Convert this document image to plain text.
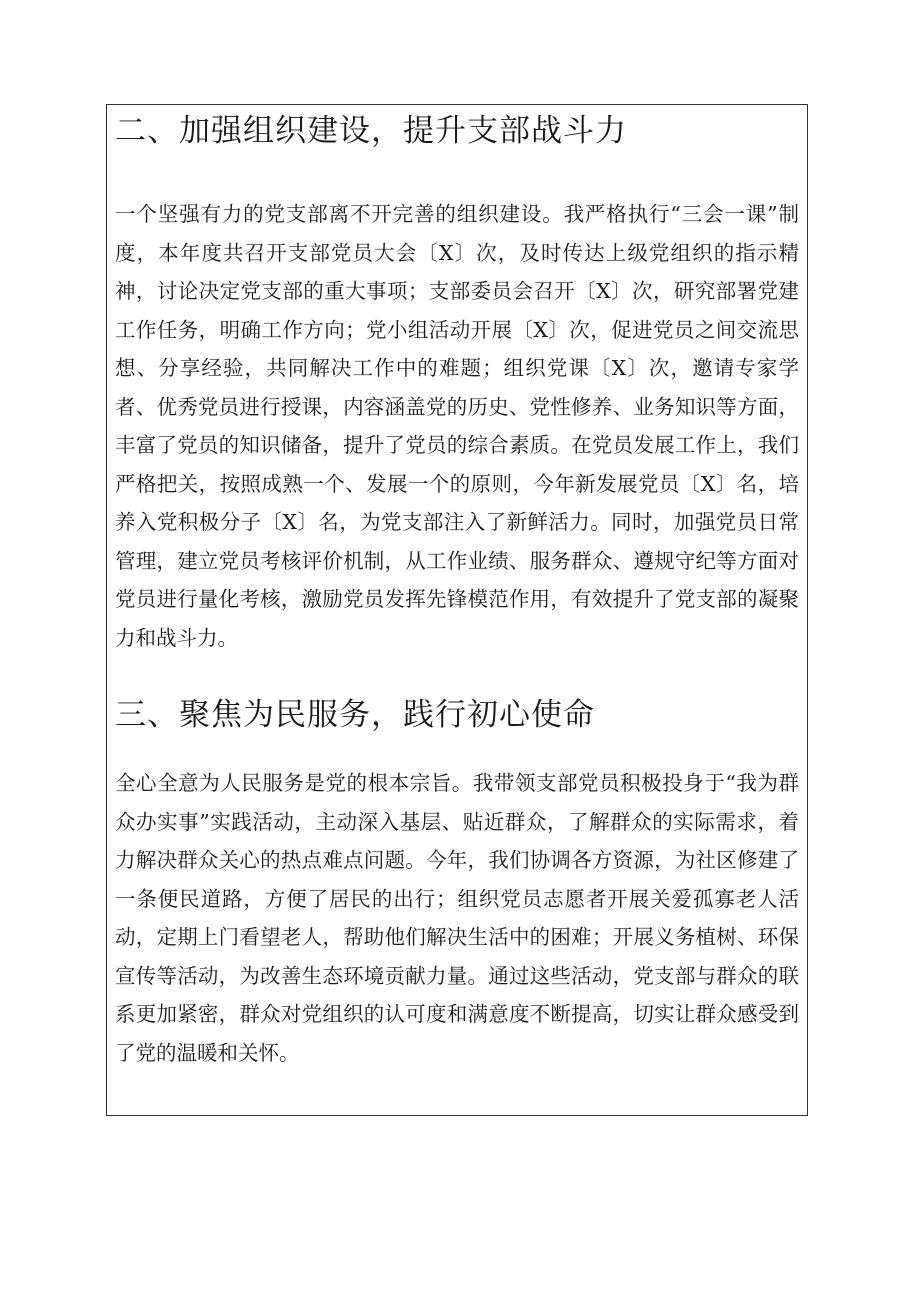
二、加强组织建设，提升支部战斗力

一个坚强有力的党支部离不开完善的组织建设。我严格执行“三会一课”制度，本年度共召开支部党员大会〔X〕次，及时传达上级党组织的指示精神，讨论决定党支部的重大事项；支部委员会召开〔X〕次，研究部署党建工作任务，明确工作方向；党小组活动开展〔X〕次，促进党员之间交流思想、分享经验，共同解决工作中的难题；组织党课〔X〕次，邀请专家学者、优秀党员进行授课，内容涵盖党的历史、党性修养、业务知识等方面，丰富了党员的知识储备，提升了党员的综合素质。在党员发展工作上，我们严格把关，按照成熟一个、发展一个的原则，今年新发展党员〔X〕名，培养入党积极分子〔X〕名，为党支部注入了新鲜活力。同时，加强党员日常管理，建立党员考核评价机制，从工作业绩、服务群众、遵规守纪等方面对党员进行量化考核，激励党员发挥先锋模范作用，有效提升了党支部的凝聚力和战斗力。

三、聚焦为民服务，践行初心使命

全心全意为人民服务是党的根本宗旨。我带领支部党员积极投身于“我为群众办实事”实践活动，主动深入基层、贴近群众，了解群众的实际需求，着力解决群众关心的热点难点问题。今年，我们协调各方资源，为社区修建了一条便民道路，方便了居民的出行；组织党员志愿者开展关爱孤寡老人活动，定期上门看望老人，帮助他们解决生活中的困难；开展义务植树、环保宣传等活动，为改善生态环境贡献力量。通过这些活动，党支部与群众的联系更加紧密，群众对党组织的认可度和满意度不断提高，切实让群众感受到了党的温暖和关怀。
